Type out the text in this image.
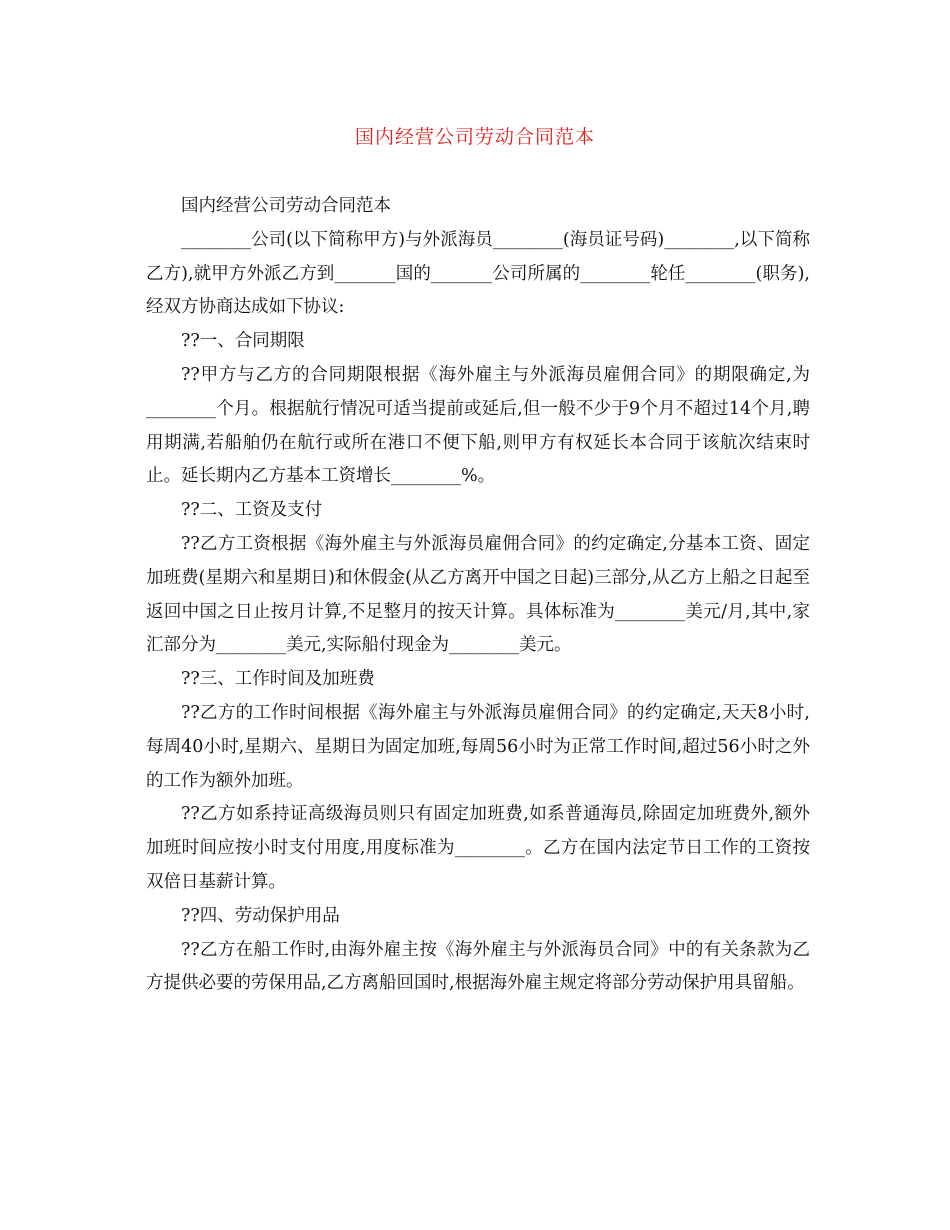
国内经营公司劳动合同范本

国内经营公司劳动合同范本

________公司(以下简称甲方)与外派海员________(海员证号码)________,以下简称乙方),就甲方外派乙方到_______国的_______公司所属的________轮任________(职务),经双方协商达成如下协议:

??一、合同期限

??甲方与乙方的合同期限根据《海外雇主与外派海员雇佣合同》的期限确定,为________个月。根据航行情况可适当提前或延后,但一般不少于9个月不超过14个月,聘用期满,若船舶仍在航行或所在港口不便下船,则甲方有权延长本合同于该航次结束时止。延长期内乙方基本工资增长________%。

??二、工资及支付

??乙方工资根据《海外雇主与外派海员雇佣合同》的约定确定,分基本工资、固定加班费(星期六和星期日)和休假金(从乙方离开中国之日起)三部分,从乙方上船之日起至返回中国之日止按月计算,不足整月的按天计算。具体标准为________美元/月,其中,家汇部分为________美元,实际船付现金为________美元。

??三、工作时间及加班费

??乙方的工作时间根据《海外雇主与外派海员雇佣合同》的约定确定,天天8小时,每周40小时,星期六、星期日为固定加班,每周56小时为正常工作时间,超过56小时之外的工作为额外加班。

??乙方如系持证高级海员则只有固定加班费,如系普通海员,除固定加班费外,额外加班时间应按小时支付用度,用度标准为________。乙方在国内法定节日工作的工资按双倍日基薪计算。

??四、劳动保护用品

??乙方在船工作时,由海外雇主按《海外雇主与外派海员合同》中的有关条款为乙方提供必要的劳保用品,乙方离船回国时,根据海外雇主规定将部分劳动保护用具留船。
